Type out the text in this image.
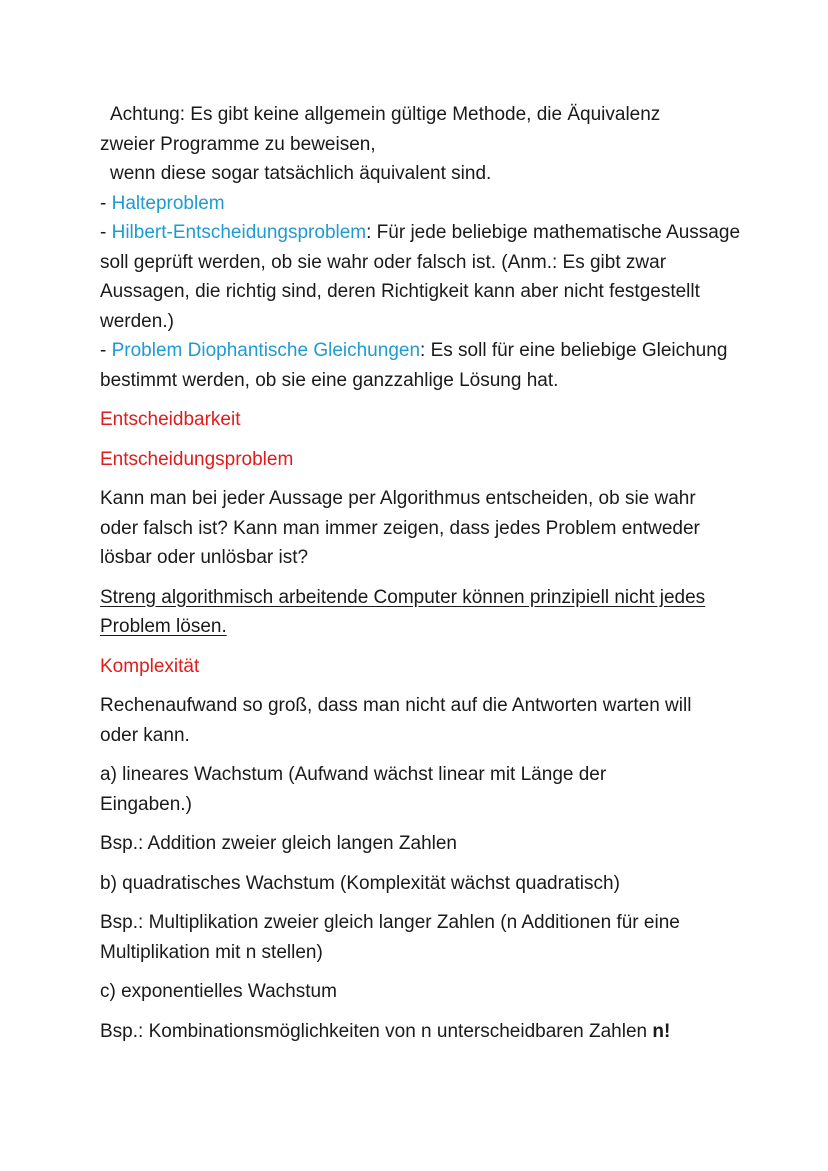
Achtung: Es gibt keine allgemein gültige Methode, die Äquivalenz
zweier Programme zu beweisen,
wenn diese sogar tatsächlich äquivalent sind.
- Halteproblem
- Hilbert-Entscheidungsproblem: Für jede beliebige mathematische Aussage soll geprüft werden, ob sie wahr oder falsch ist. (Anm.: Es gibt zwar Aussagen, die richtig sind, deren Richtigkeit kann aber nicht festgestellt werden.)
- Problem Diophantische Gleichungen: Es soll für eine beliebige Gleichung bestimmt werden, ob sie eine ganzzahlige Lösung hat.

Entscheidbarkeit

Entscheidungsproblem

Kann man bei jeder Aussage per Algorithmus entscheiden, ob sie wahr oder falsch ist? Kann man immer zeigen, dass jedes Problem entweder lösbar oder unlösbar ist?

Streng algorithmisch arbeitende Computer können prinzipiell nicht jedes Problem lösen.

Komplexität

Rechenaufwand so groß, dass man nicht auf die Antworten warten will oder kann.

a) lineares Wachstum (Aufwand wächst linear mit Länge der Eingaben.)

Bsp.: Addition zweier gleich langen Zahlen

b) quadratisches Wachstum (Komplexität wächst quadratisch)

Bsp.: Multiplikation zweier gleich langer Zahlen (n Additionen für eine Multiplikation mit n stellen)

c) exponentielles Wachstum

Bsp.: Kombinationsmöglichkeiten von n unterscheidbaren Zahlen n!
